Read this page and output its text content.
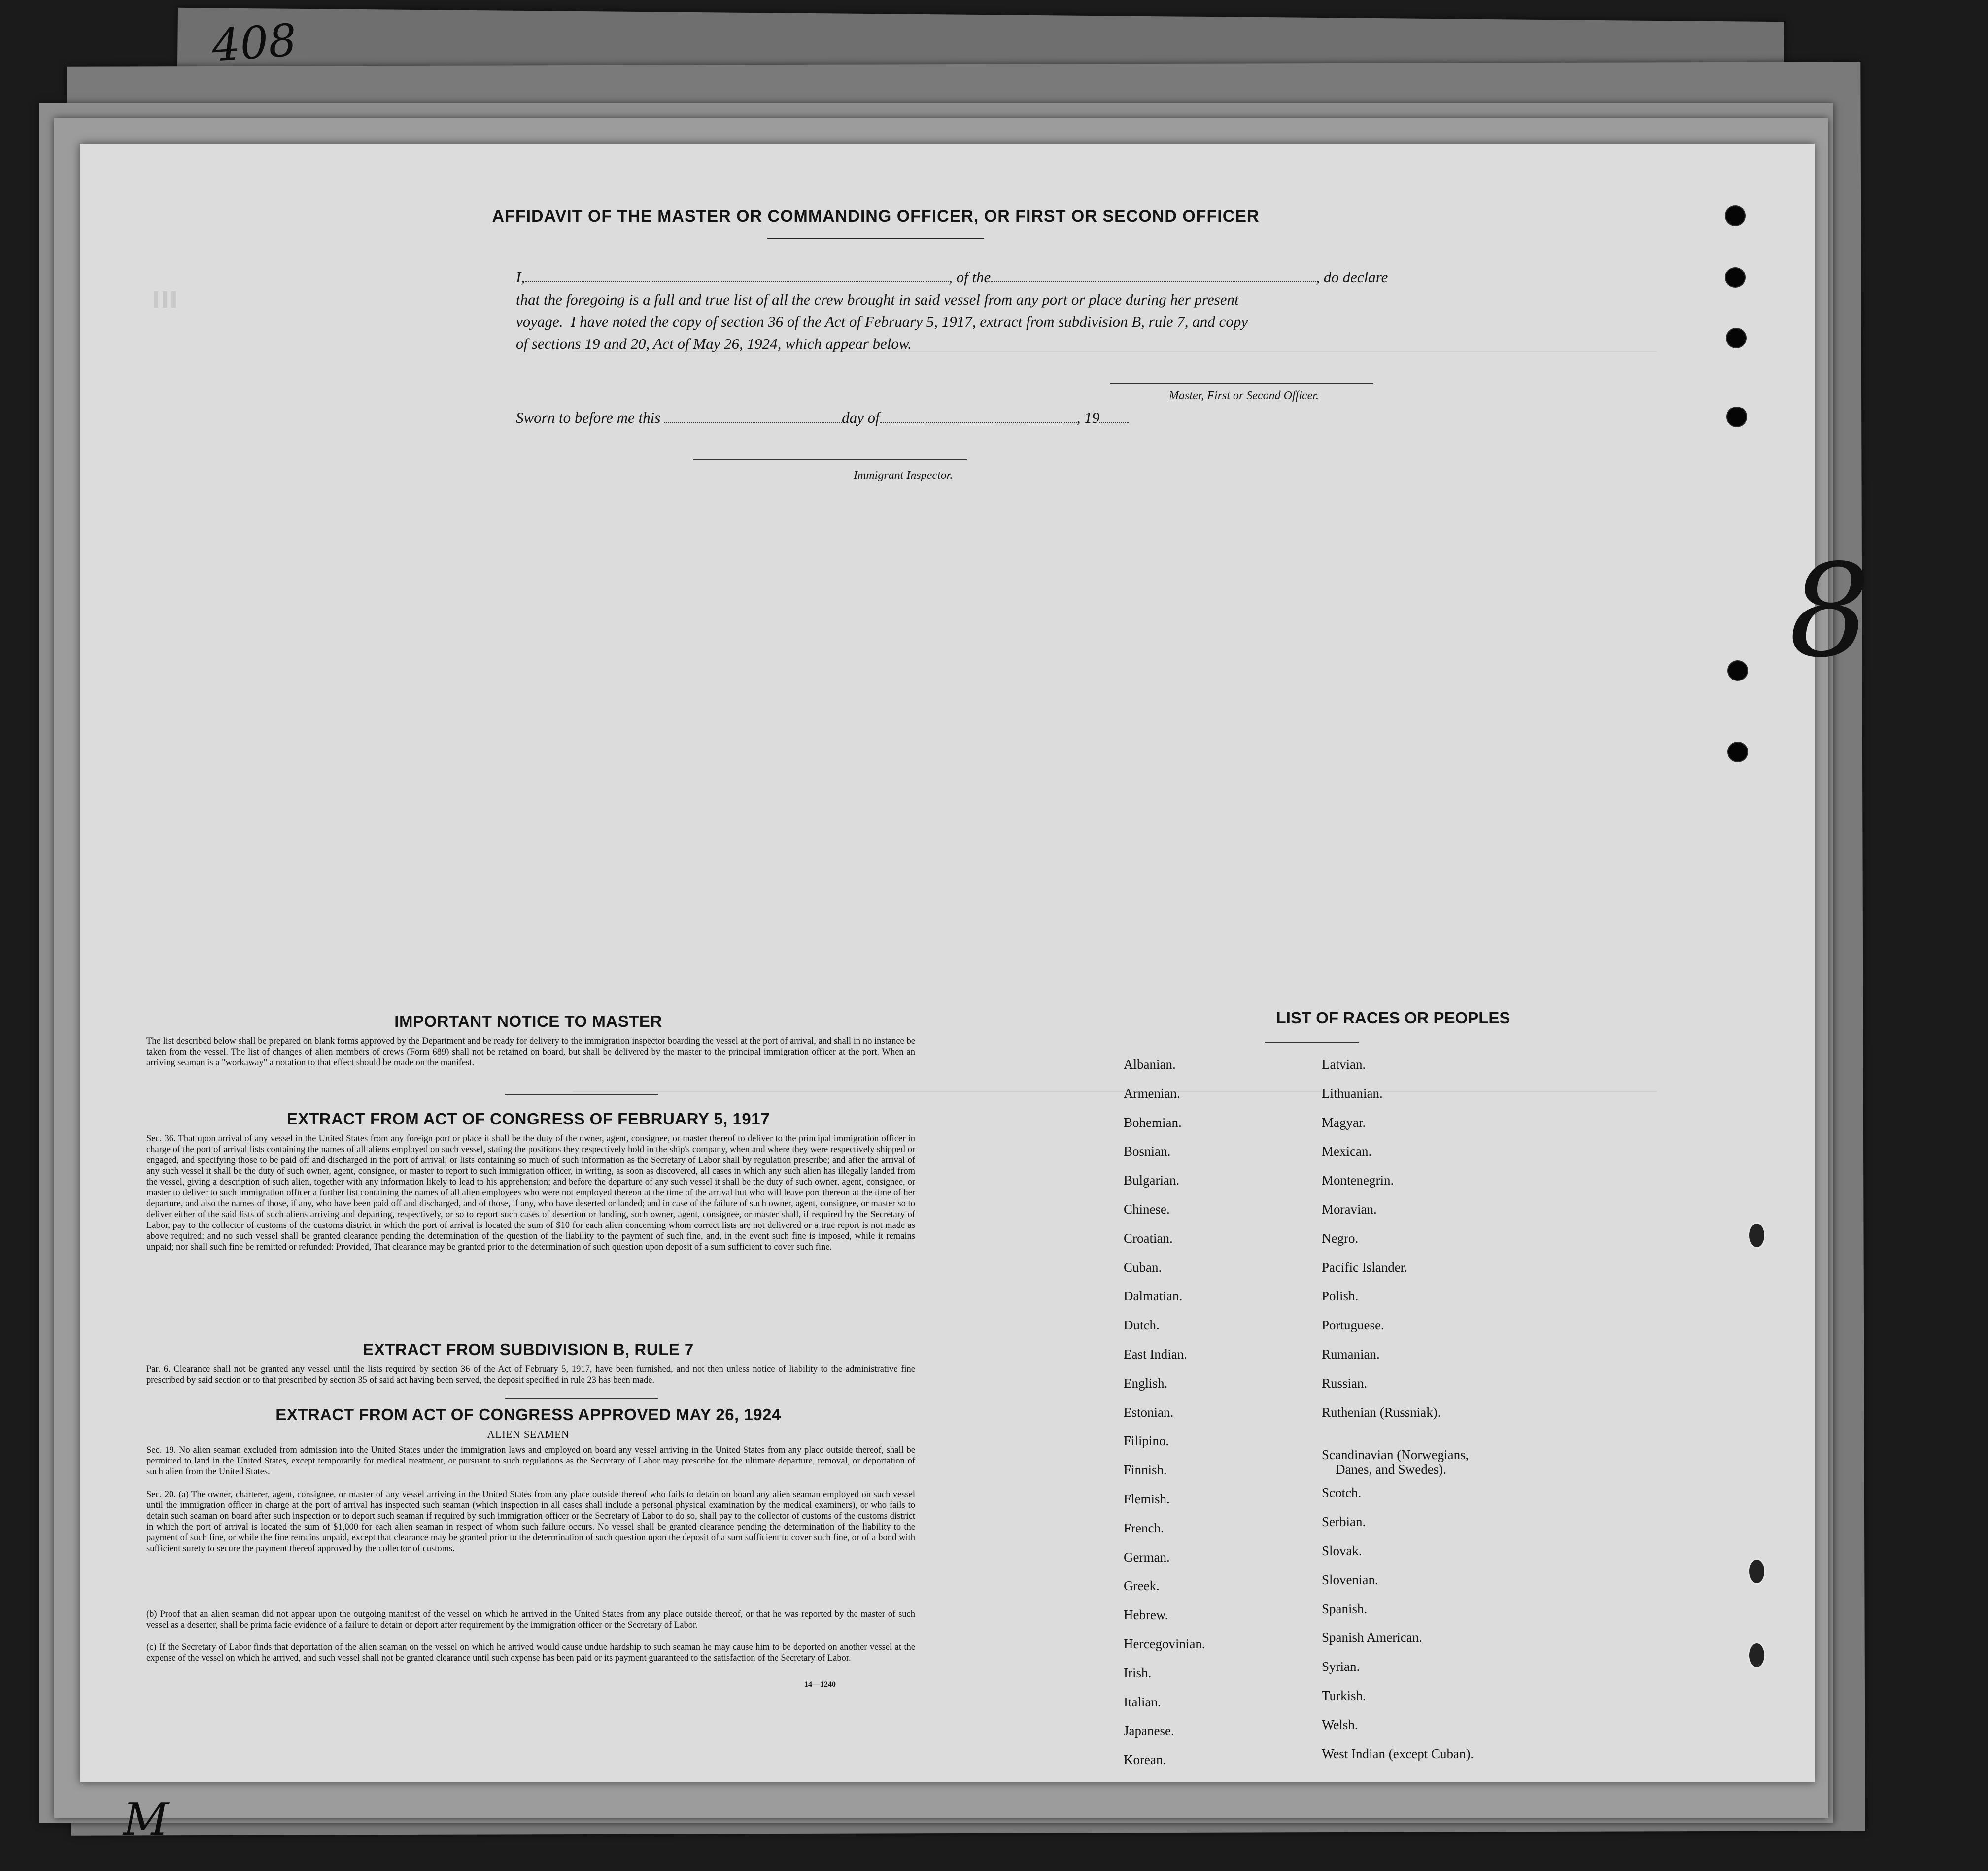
408
M
▌▌▌
AFFIDAVIT OF THE MASTER OR COMMANDING OFFICER, OR FIRST OR SECOND OFFICER
I,	, of the	, do declare
that the foregoing is a full and true list of all the crew brought in said vessel from any port or place during her present
voyage.  I have noted the copy of section 36 of the Act of February 5, 1917, extract from subdivision B, rule 7, and copy
of sections 19 and 20, Act of May 26, 1924, which appear below.
Master, First or Second Officer.
Sworn to before me this	day of	, 19
Immigrant Inspector.
IMPORTANT NOTICE TO MASTER
The list described below shall be prepared on blank forms approved by the Department and be ready for delivery to the immigration inspector boarding the vessel at the port of arrival, and shall in no instance be taken from the vessel. The list of changes of alien members of crews (Form 689) shall not be retained on board, but shall be delivered by the master to the principal immigration officer at the port. When an arriving seaman is a "workaway" a notation to that effect should be made on the manifest.
EXTRACT FROM ACT OF CONGRESS OF FEBRUARY 5, 1917
Sec. 36. That upon arrival of any vessel in the United States from any foreign port or place it shall be the duty of the owner, agent, consignee, or master thereof to deliver to the principal immigration officer in charge of the port of arrival lists containing the names of all aliens employed on such vessel, stating the positions they respectively hold in the ship's company, when and where they were respectively shipped or engaged, and specifying those to be paid off and discharged in the port of arrival; or lists containing so much of such information as the Secretary of Labor shall by regulation prescribe; and after the arrival of any such vessel it shall be the duty of such owner, agent, consignee, or master to report to such immigration officer, in writing, as soon as discovered, all cases in which any such alien has illegally landed from the vessel, giving a description of such alien, together with any information likely to lead to his apprehension; and before the departure of any such vessel it shall be the duty of such owner, agent, consignee, or master to deliver to such immigration officer a further list containing the names of all alien employees who were not employed thereon at the time of the arrival but who will leave port thereon at the time of her departure, and also the names of those, if any, who have been paid off and discharged, and of those, if any, who have deserted or landed; and in case of the failure of such owner, agent, consignee, or master so to deliver either of the said lists of such aliens arriving and departing, respectively, or so to report such cases of desertion or landing, such owner, agent, consignee, or master shall, if required by the Secretary of Labor, pay to the collector of customs of the customs district in which the port of arrival is located the sum of $10 for each alien concerning whom correct lists are not delivered or a true report is not made as above required; and no such vessel shall be granted clearance pending the determination of the question of the liability to the payment of such fine, and, in the event such fine is imposed, while it remains unpaid; nor shall such fine be remitted or refunded: Provided, That clearance may be granted prior to the determination of such question upon deposit of a sum sufficient to cover such fine.
EXTRACT FROM SUBDIVISION B, RULE 7
Par. 6. Clearance shall not be granted any vessel until the lists required by section 36 of the Act of February 5, 1917, have been furnished, and not then unless notice of liability to the administrative fine prescribed by said section or to that prescribed by section 35 of said act having been served, the deposit specified in rule 23 has been made.
EXTRACT FROM ACT OF CONGRESS APPROVED MAY 26, 1924
ALIEN SEAMEN
Sec. 19. No alien seaman excluded from admission into the United States under the immigration laws and employed on board any vessel arriving in the United States from any place outside thereof, shall be permitted to land in the United States, except temporarily for medical treatment, or pursuant to such regulations as the Secretary of Labor may prescribe for the ultimate departure, removal, or deportation of such alien from the United States.
Sec. 20. (a) The owner, charterer, agent, consignee, or master of any vessel arriving in the United States from any place outside thereof who fails to detain on board any alien seaman employed on such vessel until the immigration officer in charge at the port of arrival has inspected such seaman (which inspection in all cases shall include a personal physical examination by the medical examiners), or who fails to detain such seaman on board after such inspection or to deport such seaman if required by such immigration officer or the Secretary of Labor to do so, shall pay to the collector of customs of the customs district in which the port of arrival is located the sum of $1,000 for each alien seaman in respect of whom such failure occurs. No vessel shall be granted clearance pending the determination of the liability to the payment of such fine, or while the fine remains unpaid, except that clearance may be granted prior to the determination of such question upon the deposit of a sum sufficient to cover such fine, or of a bond with sufficient surety to secure the payment thereof approved by the collector of customs.
(b) Proof that an alien seaman did not appear upon the outgoing manifest of the vessel on which he arrived in the United States from any place outside thereof, or that he was reported by the master of such vessel as a deserter, shall be prima facie evidence of a failure to detain or deport after requirement by the immigration officer or the Secretary of Labor.
(c) If the Secretary of Labor finds that deportation of the alien seaman on the vessel on which he arrived would cause undue hardship to such seaman he may cause him to be deported on another vessel at the expense of the vessel on which he arrived, and such vessel shall not be granted clearance until such expense has been paid or its payment guaranteed to the satisfaction of the Secretary of Labor.
14—1240
LIST OF RACES OR PEOPLES
Albanian.
Armenian.
Bohemian.
Bosnian.
Bulgarian.
Chinese.
Croatian.
Cuban.
Dalmatian.
Dutch.
East Indian.
English.
Estonian.
Filipino.
Finnish.
Flemish.
French.
German.
Greek.
Hebrew.
Hercegovinian.
Irish.
Italian.
Japanese.
Korean.
Latvian.
Lithuanian.
Magyar.
Mexican.
Montenegrin.
Moravian.
Negro.
Pacific Islander.
Polish.
Portuguese.
Rumanian.
Russian.
Ruthenian (Russniak).
Scandinavian (Norwegians,
Danes, and Swedes).
Scotch.
Serbian.
Slovak.
Slovenian.
Spanish.
Spanish American.
Syrian.
Turkish.
Welsh.
West Indian (except Cuban).
8
